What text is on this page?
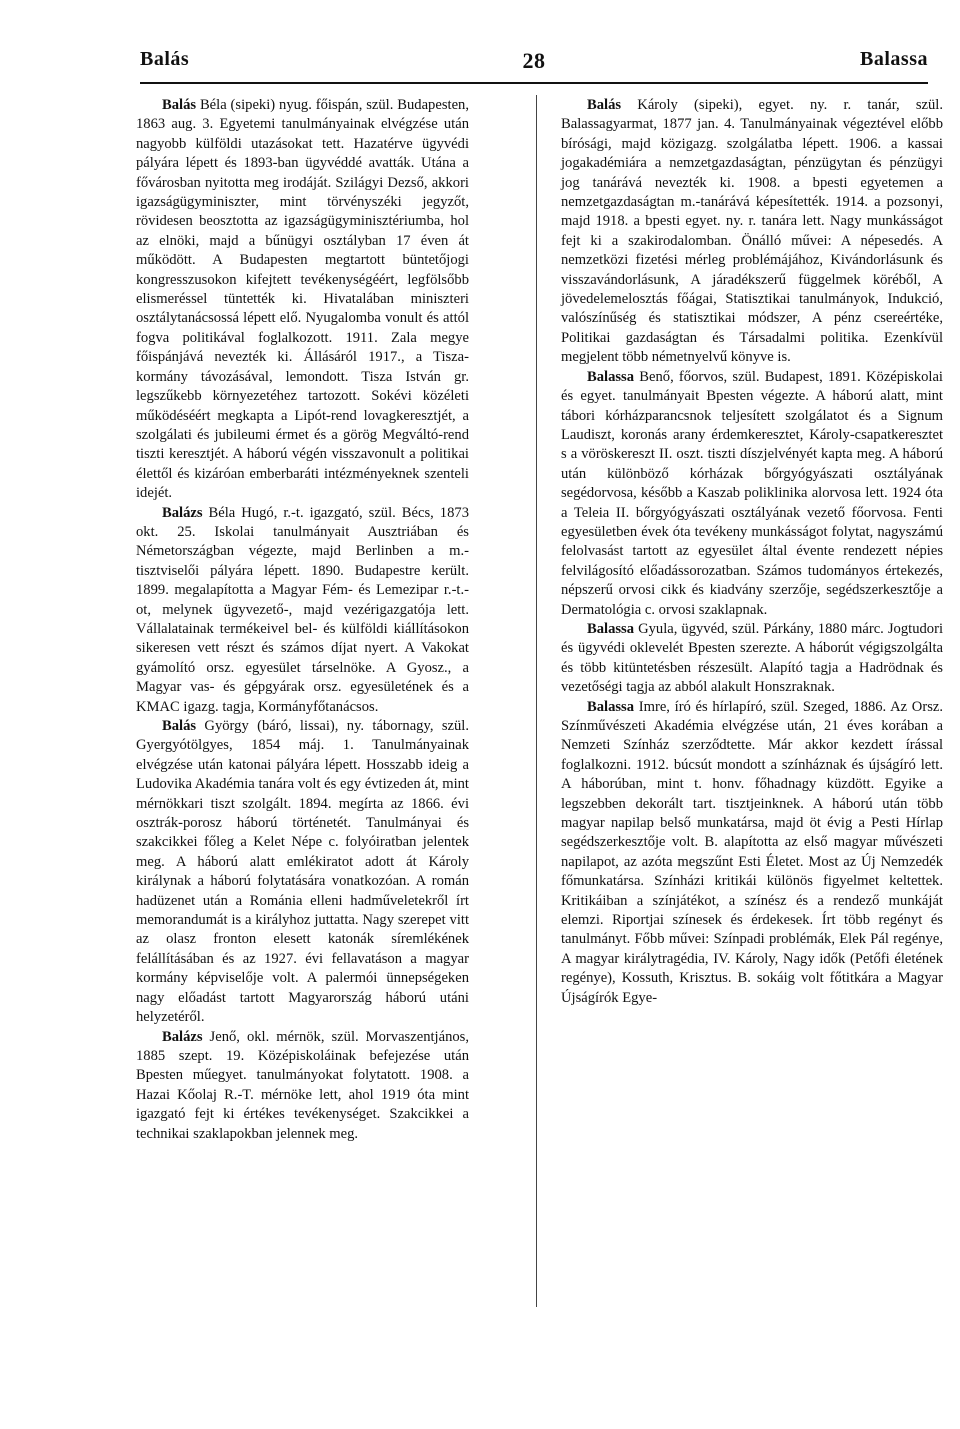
Balás	28	Balassa

Balás Béla (sipeki) nyug. főispán, szül. Budapesten, 1863 aug. 3. Egyetemi tanulmányainak elvégzése után nagyobb külföldi utazásokat tett. Hazatérve ügyvédi pályára lépett és 1893-ban ügyvéddé avatták. Utána a fővárosban nyitotta meg irodáját. Szilágyi Dezső, akkori igazságügyminiszter, mint törvényszéki jegyzőt, rövidesen beosztotta az igazságügyminisztériumba, hol az elnöki, majd a bűnügyi osztályban 17 éven át működött. A Budapesten megtartott büntetőjogi kongresszusokon kifejtett tevékenységéért, legfölsőbb elismeréssel tüntették ki. Hivatalában miniszteri osztálytanácsossá lépett elő. Nyugalomba vonult és attól fogva politikával foglalkozott. 1911. Zala megye főispánjává nevezték ki. Állásáról 1917., a Tisza-kormány távozásával, lemondott. Tisza István gr. legszűkebb környezetéhez tartozott. Sokévi közéleti működéséért megkapta a Lipót-rend lovagkeresztjét, a szolgálati és jubileumi érmet és a görög Megváltó-rend tiszti keresztjét. A háború végén visszavonult a politikai élettől és kizáróan emberbaráti intézményeknek szenteli idejét.

Balázs Béla Hugó, r.-t. igazgató, szül. Bécs, 1873 okt. 25. Iskolai tanulmányait Ausztriában és Németországban végezte, majd Berlinben a m.-tisztviselői pályára lépett. 1890. Budapestre került. 1899. megalapította a Magyar Fém- és Lemezipar r.-t.-ot, melynek ügyvezető-, majd vezérigazgatója lett. Vállalatainak termékeivel bel- és külföldi kiállításokon sikeresen vett részt és számos díjat nyert. A Vakokat gyámolító orsz. egyesület társelnöke. A Gyosz., a Magyar vas- és gépgyárak orsz. egyesületének és a KMAC igazg. tagja, Kormányfőtanácsos.

Balás György (báró, lissai), ny. tábornagy, szül. Gyergyótölgyes, 1854 máj. 1. Tanulmányainak elvégzése után katonai pályára lépett. Hosszabb ideig a Ludovika Akadémia tanára volt és egy évtizeden át, mint mérnökkari tiszt szolgált. 1894. megírta az 1866. évi osztrák-porosz háború történetét. Tanulmányai és szakcikkei főleg a Kelet Népe c. folyóiratban jelentek meg. A háború alatt emlékiratot adott át Károly királynak a háború folytatására vonatkozóan. A román hadüzenet után a Románia elleni hadműveletekről írt memorandumát is a királyhoz juttatta. Nagy szerepet vitt az olasz fronton elesett katonák síremlékének felállításában és az 1927. évi fellavatáson a magyar kormány képviselője volt. A palermói ünnepségeken nagy előadást tartott Magyarország háború utáni helyzetéről.

Balázs Jenő, okl. mérnök, szül. Morvaszentjános, 1885 szept. 19. Középiskoláinak befejezése után Bpesten műegyet. tanulmányokat folytatott. 1908. a Hazai Kőolaj R.-T. mérnöke lett, ahol 1919 óta mint igazgató fejt ki értékes tevékenységet. Szakcikkei a technikai szaklapokban jelennek meg.

Balás Károly (sipeki), egyet. ny. r. tanár, szül. Balassagyarmat, 1877 jan. 4. Tanulmányainak végeztével előbb bírósági, majd közigazg. szolgálatba lépett. 1906. a kassai jogakadémiára a nemzetgazdaságtan, pénzügytan és pénzügyi jog tanárává nevezték ki. 1908. a bpesti egyetemen a nemzetgazdaságtan m.-tanárává képesítették. 1914. a pozsonyi, majd 1918. a bpesti egyet. ny. r. tanára lett. Nagy munkásságot fejt ki a szakirodalomban. Önálló művei: A népesedés. A nemzetközi fizetési mérleg problémájához, Kivándorlásunk és visszavándorlásunk, A járadékszerű függelmek köréből, A jövedelemelosztás főágai, Statisztikai tanulmányok, Indukció, valószínűség és statisztikai módszer, A pénz csereértéke, Politikai gazdaságtan és Társadalmi politika. Ezenkívül megjelent több németnyelvű könyve is.

Balassa Benő, főorvos, szül. Budapest, 1891. Középiskolai és egyet. tanulmányait Bpesten végezte. A háború alatt, mint tábori kórházparancsnok teljesített szolgálatot és a Signum Laudiszt, koronás arany érdemkeresztet, Károly-csapatkeresztet s a vöröskereszt II. oszt. tiszti díszjelvényét kapta meg. A háború után különböző kórházak bőrgyógyászati osztályának segédorvosa, később a Kaszab poliklinika alorvosa lett. 1924 óta a Teleia II. bőrgyógyászati osztályának vezető főorvosa. Fenti egyesületben évek óta tevékeny munkásságot folytat, nagyszámú felolvasást tartott az egyesület által évente rendezett népies felvilágosító előadássorozatban. Számos tudományos értekezés, népszerű orvosi cikk és kiadvány szerzője, segédszerkesztője a Dermatológia c. orvosi szaklapnak.

Balassa Gyula, ügyvéd, szül. Párkány, 1880 márc. Jogtudori és ügyvédi oklevelét Bpesten szerezte. A háborút végigszolgálta és több kitüntetésben részesült. Alapító tagja a Hadrödnak és vezetőségi tagja az abból alakult Honszraknak.

Balassa Imre, író és hírlapíró, szül. Szeged, 1886. Az Orsz. Színművészeti Akadémia elvégzése után, 21 éves korában a Nemzeti Színház szerződtette. Már akkor kezdett írással foglalkozni. 1912. búcsút mondott a színháznak és újságíró lett. A háborúban, mint t. honv. főhadnagy küzdött. Egyike a legszebben dekorált tart. tisztjeinknek. A háború után több magyar napilap belső munkatársa, majd öt évig a Pesti Hírlap segédszerkesztője volt. B. alapította az első magyar művészeti napilapot, az azóta megszűnt Esti Életet. Most az Új Nemzedék főmunkatársa. Színházi kritikái különös figyelmet keltettek. Kritikáiban a színjátékot, a színész és a rendező munkáját elemzi. Riportjai színesek és érdekesek. Írt több regényt és tanulmányt. Főbb művei: Színpadi problémák, Elek Pál regénye, A magyar királytragédia, IV. Károly, Nagy idők (Petőfi életének regénye), Kossuth, Krisztus. B. sokáig volt főtitkára a Magyar Újságírók Egye-
